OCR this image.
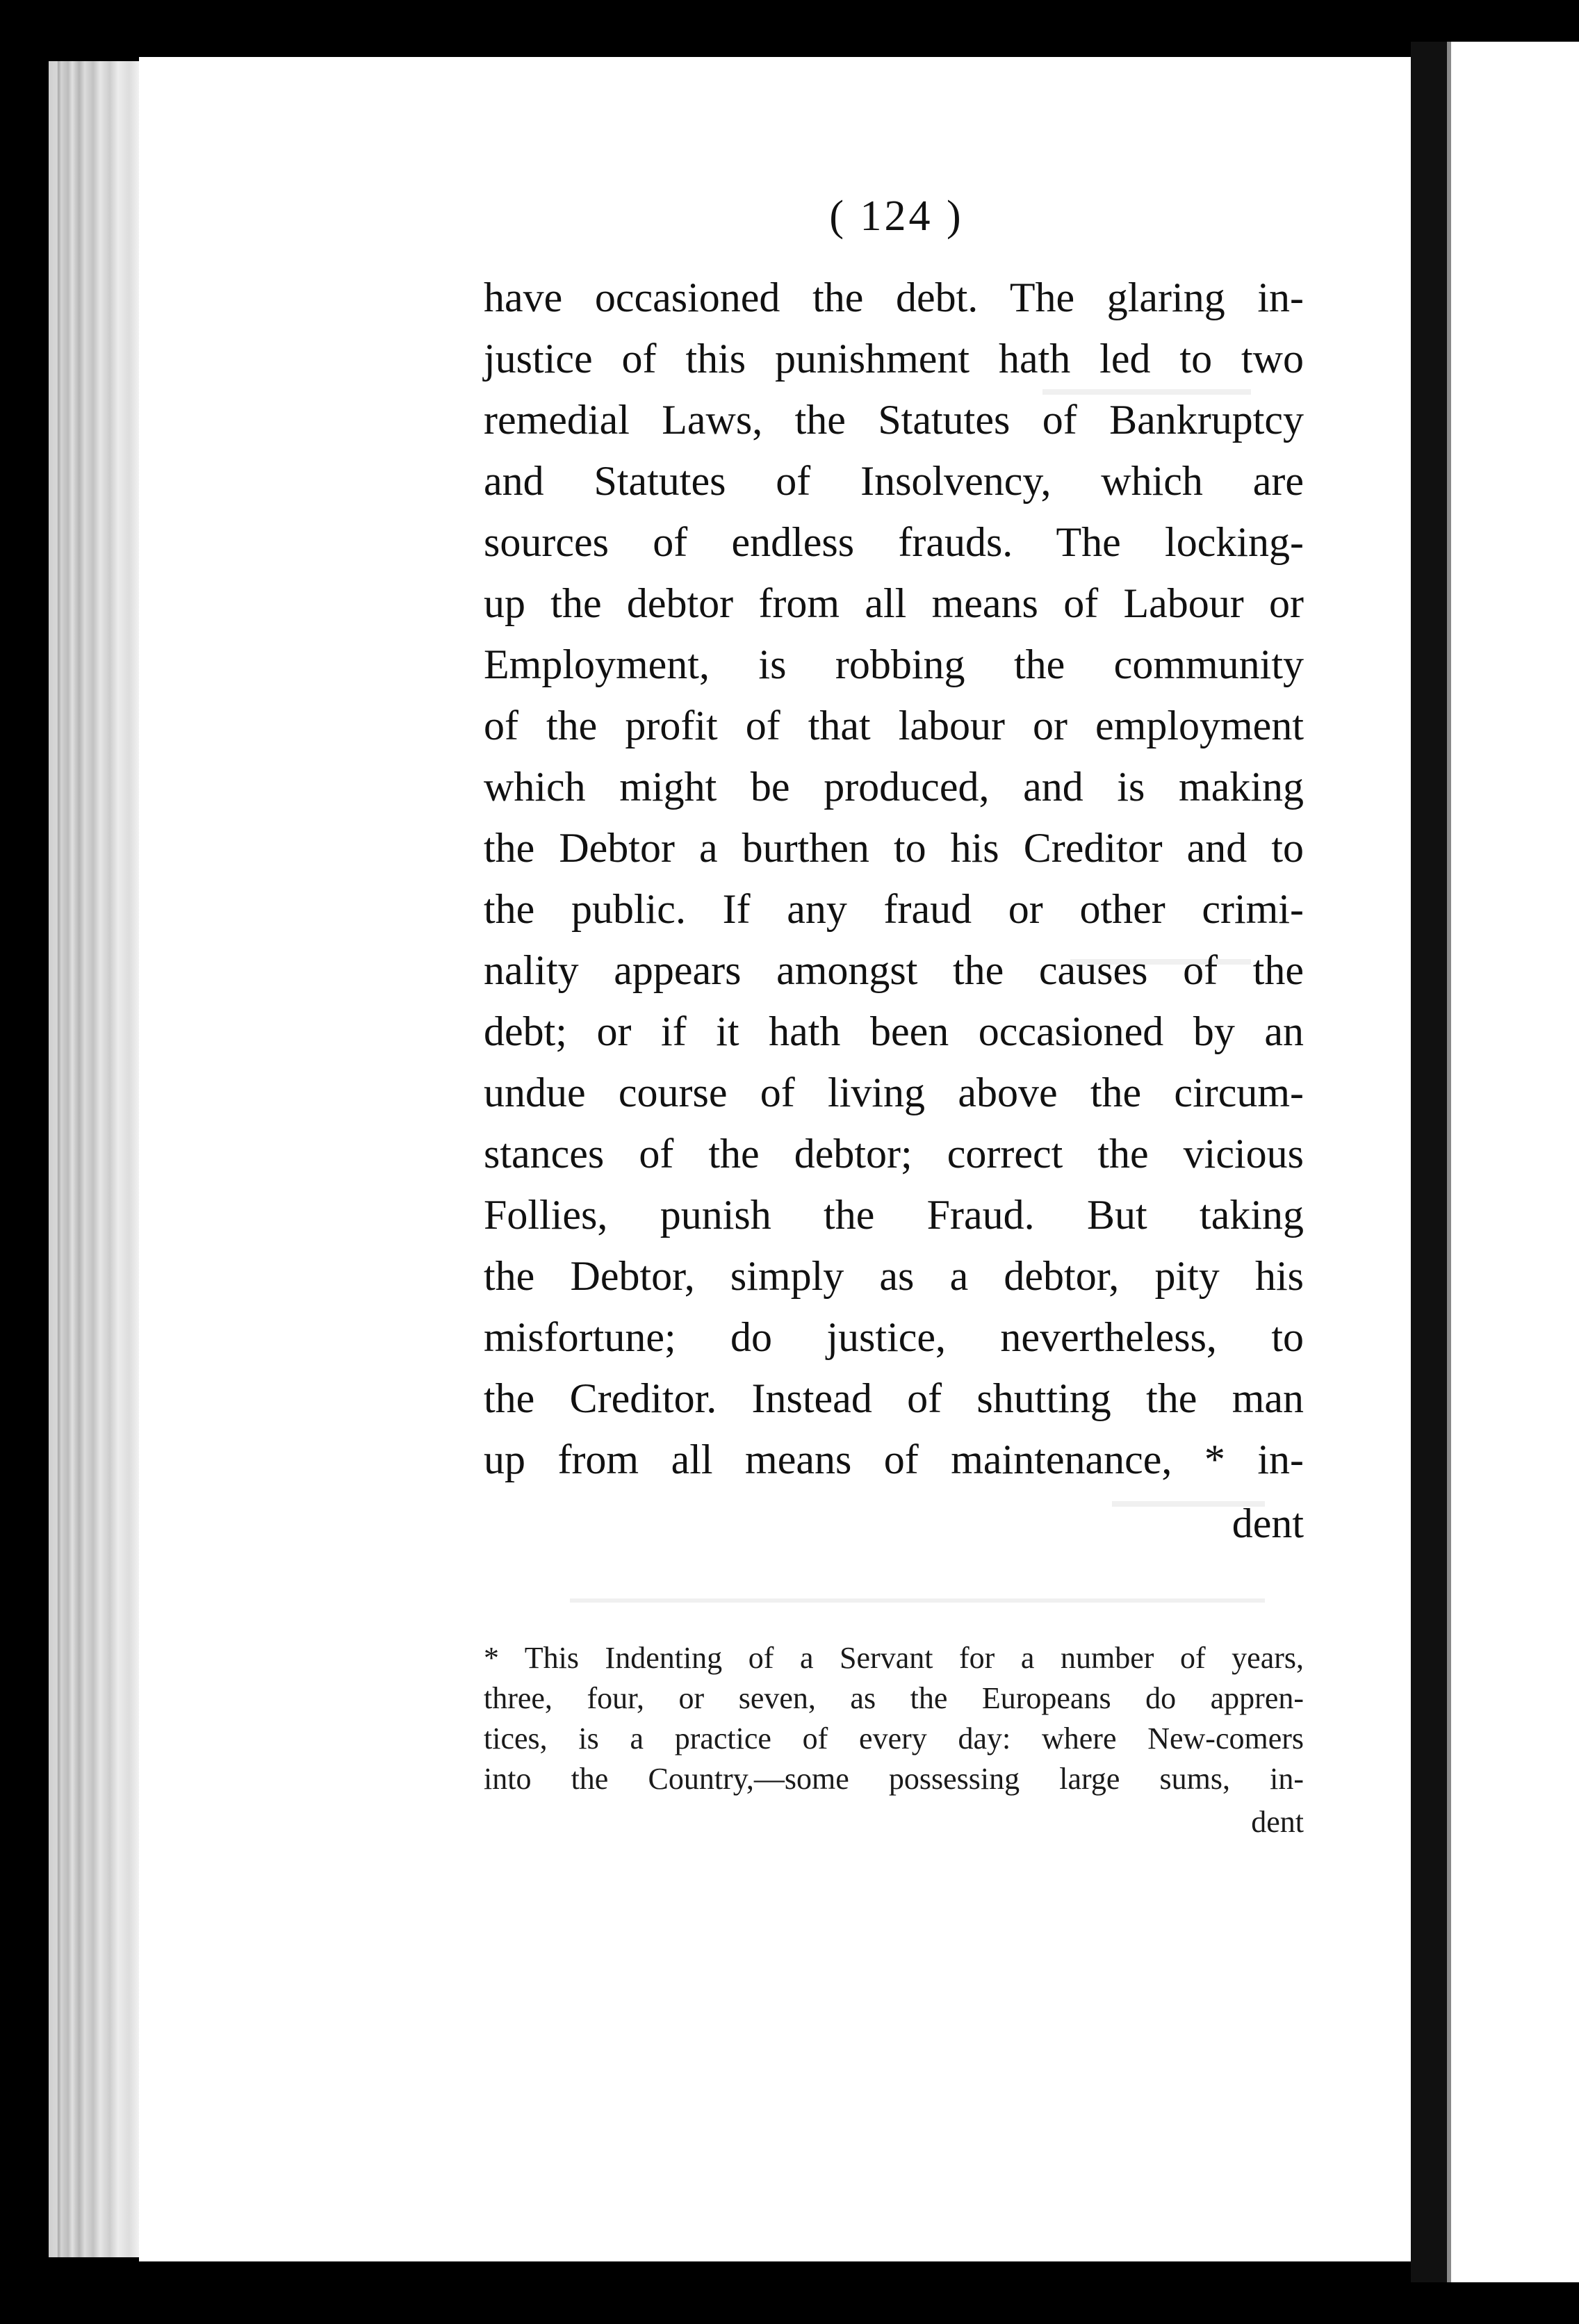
( 124 )
have occasioned the debt. The glaring in-
justice of this punishment hath led to two
remedial Laws, the Statutes of Bankruptcy
and Statutes of Insolvency, which are
sources of endless frauds. The locking-
up the debtor from all means of Labour or
Employment, is robbing the community
of the profit of that labour or employment
which might be produced, and is making
the Debtor a burthen to his Creditor and to
the public. If any fraud or other crimi-
nality appears amongst the causes of the
debt; or if it hath been occasioned by an
undue course of living above the circum-
stances of the debtor; correct the vicious
Follies, punish the Fraud. But taking
the Debtor, simply as a debtor, pity his
misfortune; do justice, nevertheless, to
the Creditor. Instead of shutting the man
up from all means of maintenance, * in-
dent
* This Indenting of a Servant for a number of years,
three, four, or seven, as the Europeans do appren-
tices, is a practice of every day: where New-comers
into the Country,—some possessing large sums, in-
dent
